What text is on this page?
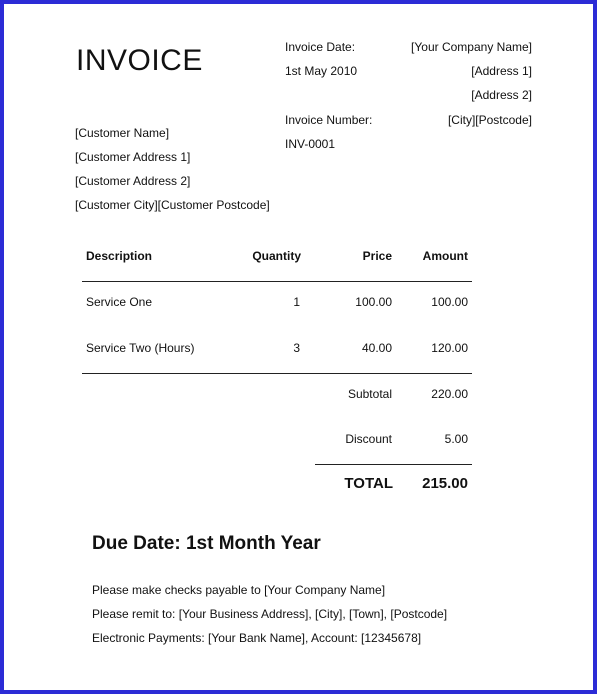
INVOICE	Invoice Date:
1st May 2010
Invoice Number:
INV-0001
[Your Company Name]
[Address 1]
[Address 2]
[City][Postcode]
[Customer Name]
[Customer Address 1]
[Customer Address 2]
[Customer City][Customer Postcode]
Description	Quantity	Price	Amount
Service One	1	100.00	100.00
Service Two (Hours)	3	40.00	120.00
Subtotal	220.00
Discount	5.00
TOTAL 215.00
Due Date: 1st Month Year
Please make checks payable to [Your Company Name]
Please remit to: [Your Business Address], [City], [Town], [Postcode]
Electronic Payments: [Your Bank Name], Account: [12345678]
